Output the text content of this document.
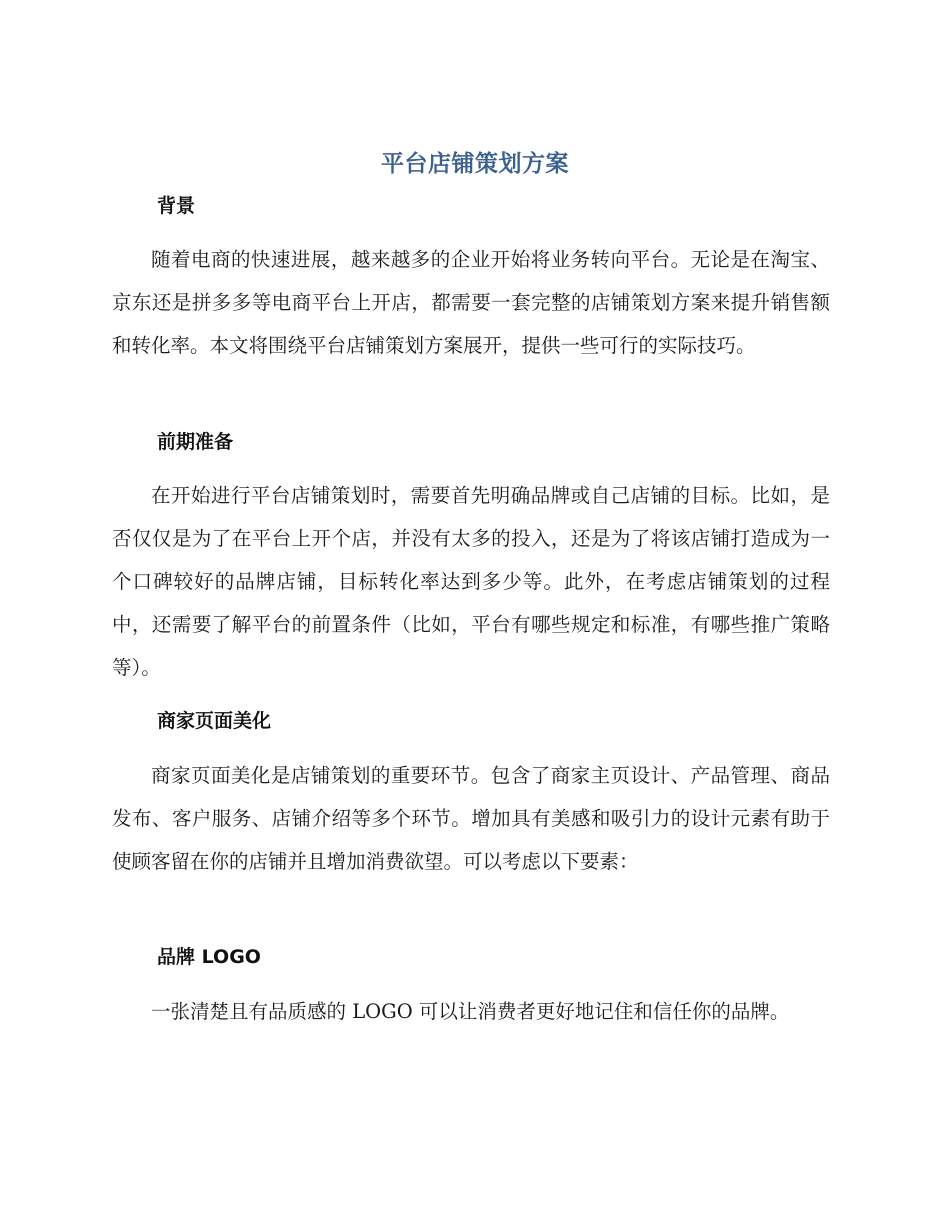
平台店铺策划方案
背景

随着电商的快速进展，越来越多的企业开始将业务转向平台。无论是在淘宝、京东还是拼多多等电商平台上开店，都需要一套完整的店铺策划方案来提升销售额和转化率。本文将围绕平台店铺策划方案展开，提供一些可行的实际技巧。

前期准备

在开始进行平台店铺策划时，需要首先明确品牌或自己店铺的目标。比如，是否仅仅是为了在平台上开个店，并没有太多的投入，还是为了将该店铺打造成为一个口碑较好的品牌店铺，目标转化率达到多少等。此外，在考虑店铺策划的过程中，还需要了解平台的前置条件（比如，平台有哪些规定和标准，有哪些推广策略等）。

商家页面美化

商家页面美化是店铺策划的重要环节。包含了商家主页设计、产品管理、商品发布、客户服务、店铺介绍等多个环节。增加具有美感和吸引力的设计元素有助于使顾客留在你的店铺并且增加消费欲望。可以考虑以下要素：

品牌 LOGO

一张清楚且有品质感的 LOGO 可以让消费者更好地记住和信任你的品牌。
